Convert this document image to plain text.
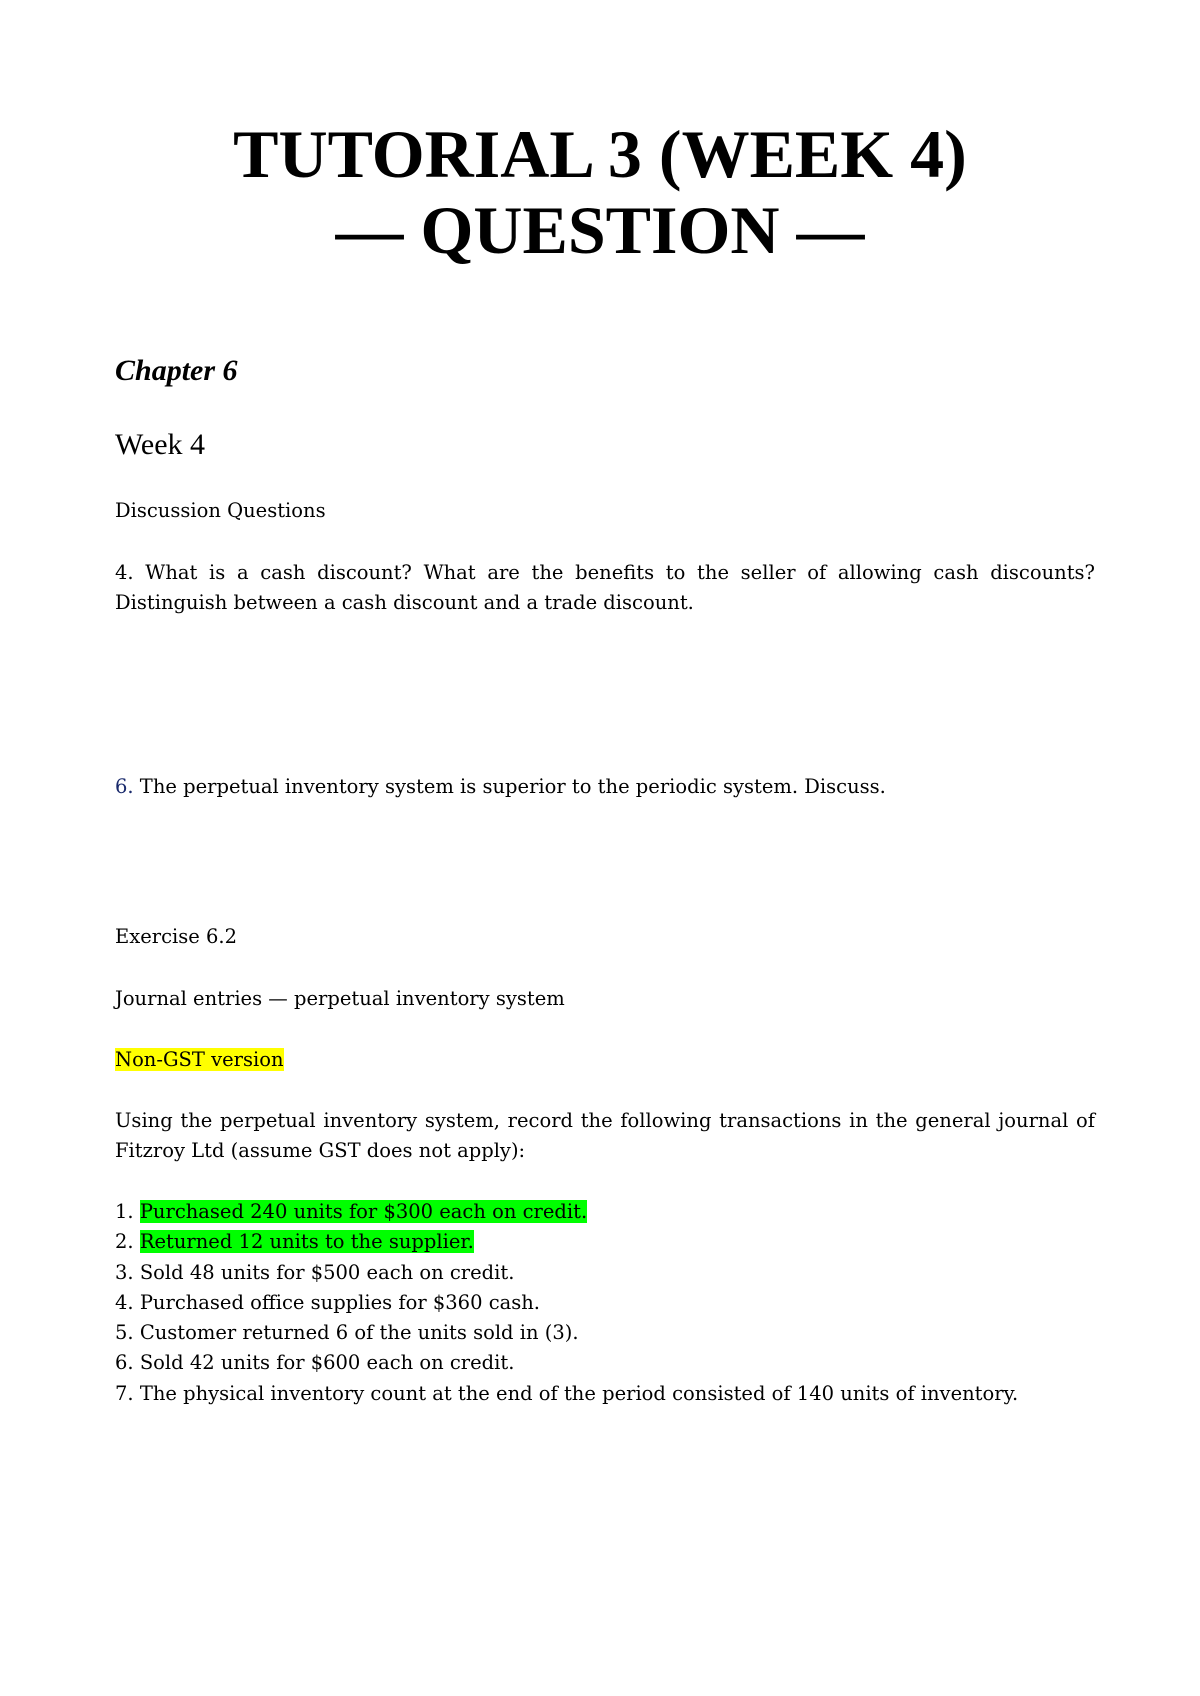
TUTORIAL 3 (WEEK 4)
— QUESTION —
Chapter 6
Week 4
Discussion Questions
4. What is a cash discount? What are the benefits to the seller of allowing cash discounts? Distinguish between a cash discount and a trade discount.
6. The perpetual inventory system is superior to the periodic system. Discuss.
Exercise 6.2
Journal entries — perpetual inventory system
Non-GST version
Using the perpetual inventory system, record the following transactions in the general journal of Fitzroy Ltd (assume GST does not apply):
1. Purchased 240 units for $300 each on credit.
2. Returned 12 units to the supplier.
3. Sold 48 units for $500 each on credit.
4. Purchased office supplies for $360 cash.
5. Customer returned 6 of the units sold in (3).
6. Sold 42 units for $600 each on credit.
7. The physical inventory count at the end of the period consisted of 140 units of inventory.
